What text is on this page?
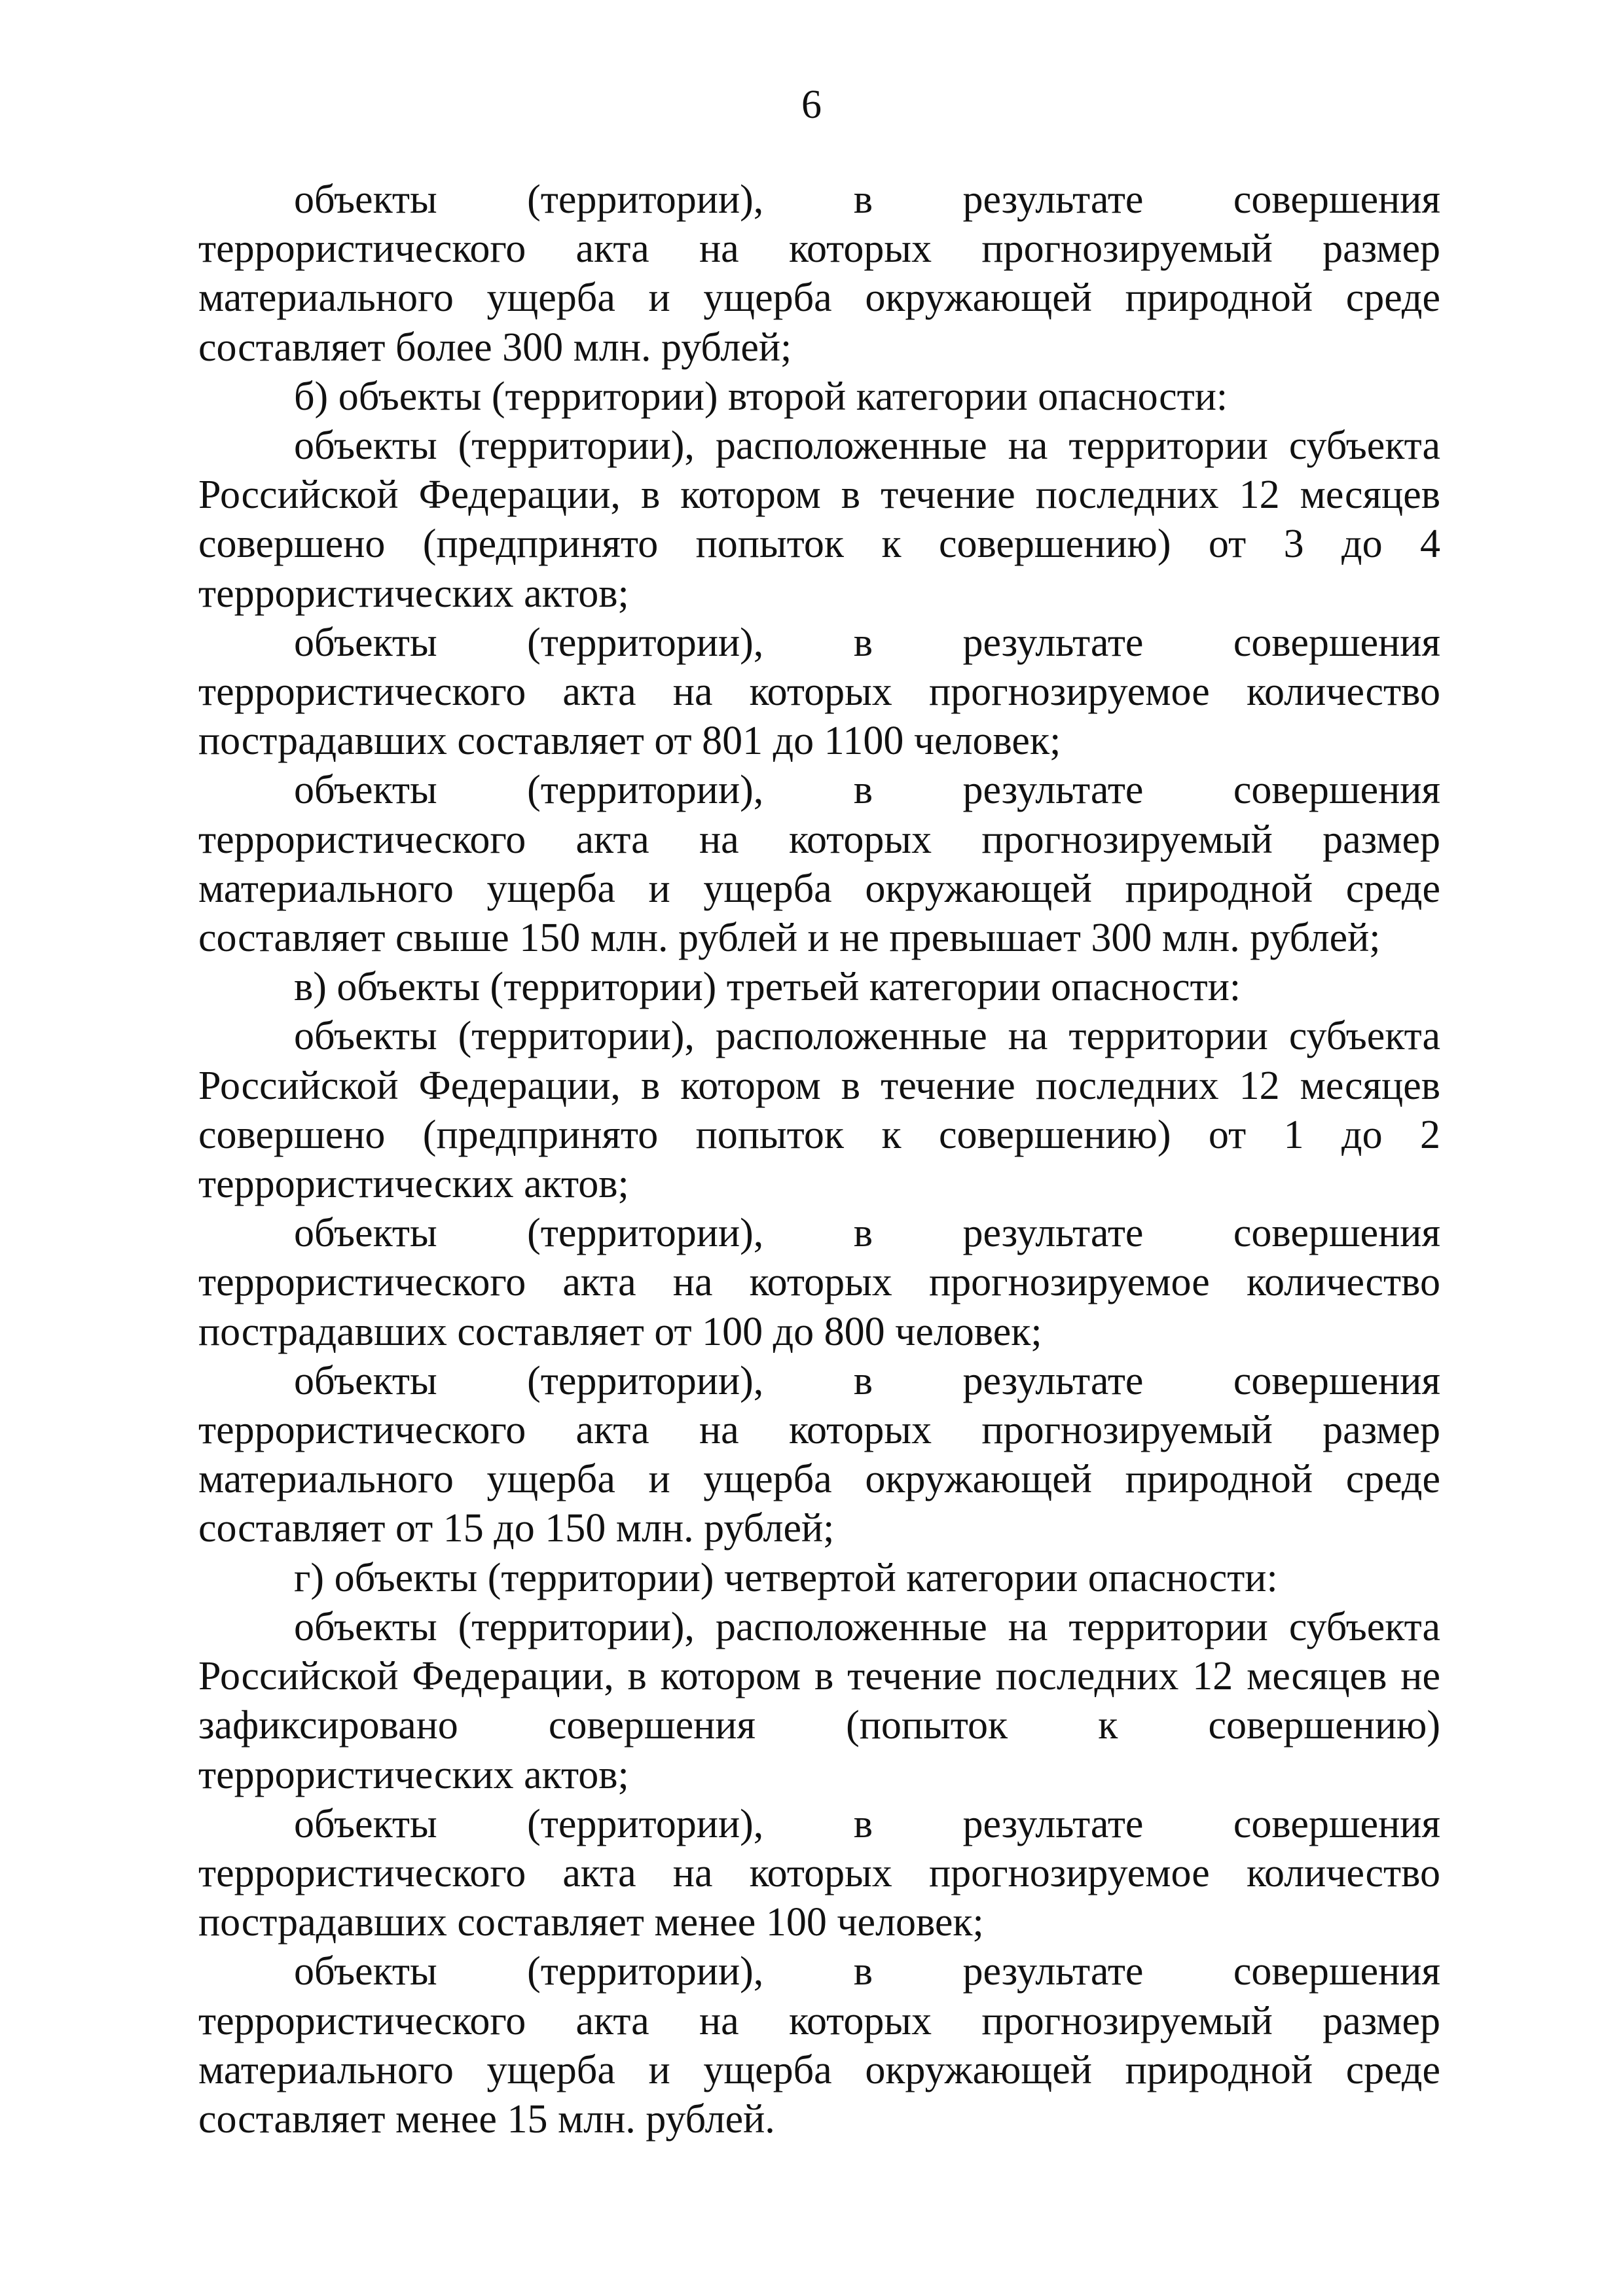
6

объекты (территории), в результате совершения террористического акта на которых прогнозируемый размер материального ущерба и ущерба окружающей природной среде составляет более 300 млн. рублей;

б) объекты (территории) второй категории опасности:

объекты (территории), расположенные на территории субъекта Российской Федерации, в котором в течение последних 12 месяцев совершено (предпринято попыток к совершению) от 3 до 4 террористических актов;

объекты (территории), в результате совершения террористического акта на которых прогнозируемое количество пострадавших составляет от 801 до 1100 человек;

объекты (территории), в результате совершения террористического акта на которых прогнозируемый размер материального ущерба и ущерба окружающей природной среде составляет свыше 150 млн. рублей и не превышает 300 млн. рублей;

в) объекты (территории) третьей категории опасности:

объекты (территории), расположенные на территории субъекта Российской Федерации, в котором в течение последних 12 месяцев совершено (предпринято попыток к совершению) от 1 до 2 террористических актов;

объекты (территории), в результате совершения террористического акта на которых прогнозируемое количество пострадавших составляет от 100 до 800 человек;

объекты (территории), в результате совершения террористического акта на которых прогнозируемый размер материального ущерба и ущерба окружающей природной среде составляет от 15 до 150 млн. рублей;

г) объекты (территории) четвертой категории опасности:

объекты (территории), расположенные на территории субъекта Российской Федерации, в котором в течение последних 12 месяцев не зафиксировано совершения (попыток к совершению) террористических актов;

объекты (территории), в результате совершения террористического акта на которых прогнозируемое количество пострадавших составляет менее 100 человек;

объекты (территории), в результате совершения террористического акта на которых прогнозируемый размер материального ущерба и ущерба окружающей природной среде составляет менее 15 млн. рублей.
